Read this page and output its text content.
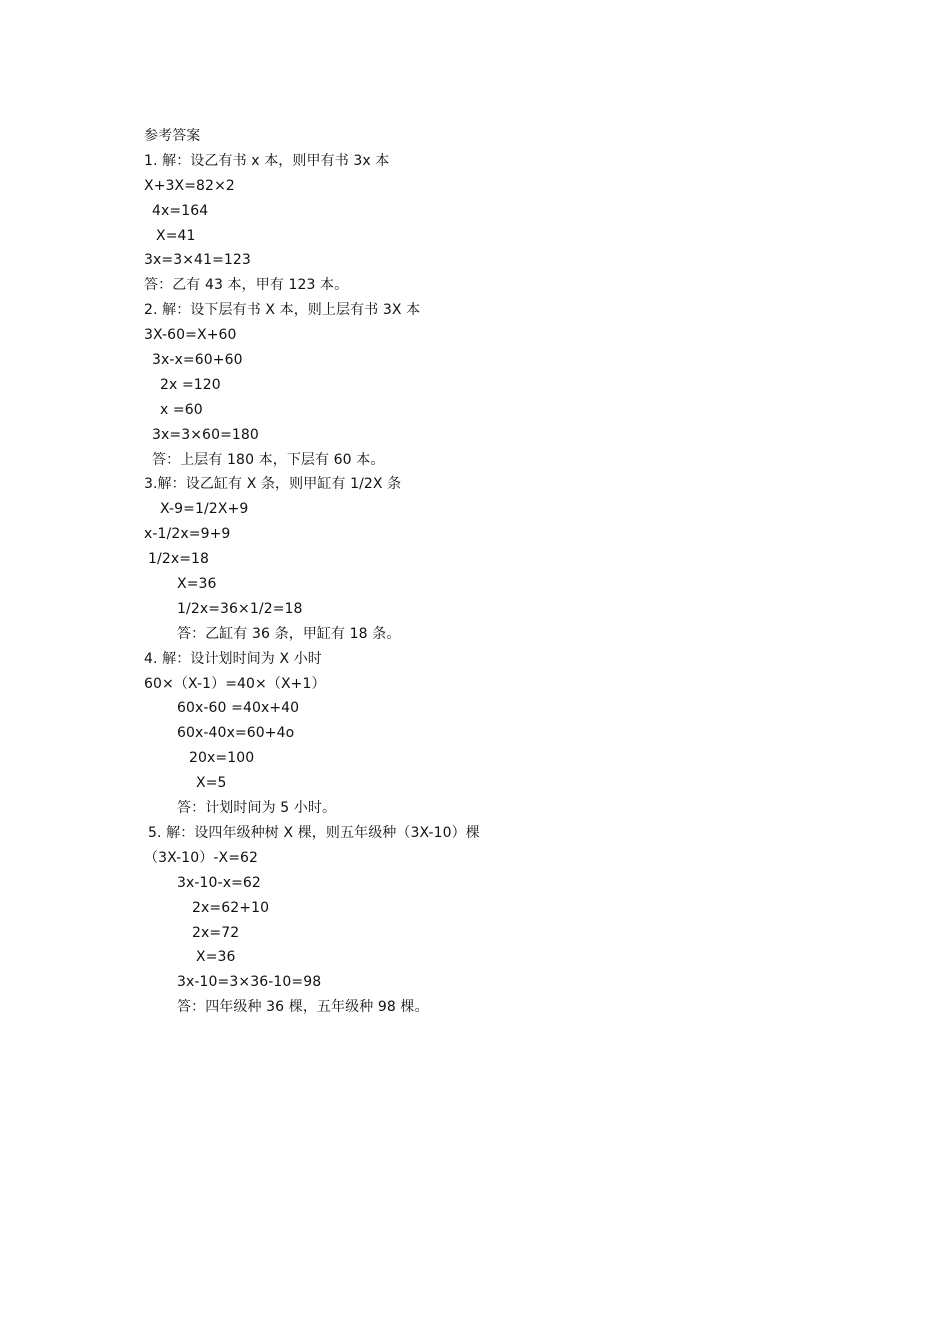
参考答案
1. 解：设乙有书 x 本，则甲有书 3x 本
X+3X=82×2
4x=164
X=41
3x=3×41=123
答：乙有 43 本，甲有 123 本。
2. 解：设下层有书 X 本，则上层有书 3X 本
3X-60=X+60
3x-x=60+60
2x =120
x =60
3x=3×60=180
答：上层有 180 本，下层有 60 本。
3.解：设乙缸有 X 条，则甲缸有 1/2X 条
X-9=1/2X+9
x-1/2x=9+9
1/2x=18
X=36
1/2x=36×1/2=18
答：乙缸有 36 条，甲缸有 18 条。
4. 解：设计划时间为 X 小时
60×（X-1）=40×（X+1）
60x-60 =40x+40
60x-40x=60+4o
20x=100
X=5
答：计划时间为 5 小时。
5. 解：设四年级种树 X 棵，则五年级种（3X-10）棵
（3X-10）-X=62
3x-10-x=62
2x=62+10
2x=72
X=36
3x-10=3×36-10=98
答：四年级种 36 棵，五年级种 98 棵。
